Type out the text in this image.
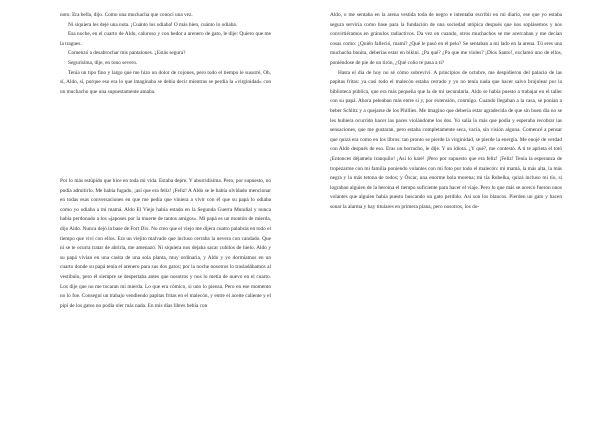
noto. Era bella, dijo. Como una muchacha que conocí una vez.

Ni siquiera les dejé una nota. ¡Cuánto los odiaba! O más bien, cuánto lo odiaba.

Esa noche, en el cuarto de Aldo, caluroso y con hedor a arenero de gato, le dije: Quiero que me la tragues.

Comenzó a desabrochar mis pantalones. ¿Estás segura?

Segurísima, dije, en tono severo.

Tenía un tipo fino y largo que me hizo un dolor de cojones, pero todo el tiempo le susurré, Oh, sí, Aldo, sí, porque eso era lo que imaginaba se debía decir mientras se perdía la «virginidad» con un muchacho que una supuestamente amaba.

Por lo más estúpido que hice en toda mi vida. Estaba depre. Y aburridísima. Pero, por supuesto, no podía admitirlo. Me había fugado, ¡así que era feliz! ¡Feliz! A Aldo se le había olvidado mencionar en todas esas conversaciones en que me pedía que viniera a vivir con él que su papá lo odiaba como yo odiaba a mi mamá. Aldo El Viejo había estado en la Segunda Guerra Mundial y nunca había perdonado a los «japoses por la muerte de tantos amigos». Mi papá es un montón de mierda, dijo Aldo. Nunca dejó la base de Fort Dix. No creo que el viejo me dijera cuatro palabras en todo el tiempo que viví con ellos. Era un viejito malvado que incluso cerraba la nevera con candado. Que ni se te ocurra tratar de abrirla, me amenazó. Ni siquiera nos dejaba sacar cubitos de hielo. Aldo y su papá vivían en una casita de una sola planta, muy ordinaria, y Aldo y yo dormíamos en un cuarto donde su papá tenía el arenero para sus dos gatos; por la noche nosotros lo trasladábamos al vestíbulo, pero él siempre se despertaba antes que nosotros y nos lo metía de nuevo en el cuarto. Los dije que no me tocaran mi mierda. Lo que era cómico, si uno lo piensa. Pero en ese momento no lo fue. Conseguí un trabajo vendiendo papitas fritas en el malecón, y entre el aceite caliente y el pipí de los gatos no podía oler más nada. En mis días libres bebía con

Aldo, o me sentaba en la arena vestida toda de negro e intentaba escribir en mi diario, ese que yo estaba segura serviría como base para la fundación de una sociedad utópica después que nos soplásemos y nos convirtiéramos en gránulos radiactivos. Da vez en cuando, otros muchachos se me acercaban y me decían cosas como: ¿Quién falleció, mami? ¿Qué le pasó en el pelo? Se sentaban a mi lado en la arena. Tú eres una muchacha bonita, deberías estar en bikini. ¿Pa qué? ¿Pa que me violes? ¡Dios Santo!, exclamó uno de ellos, poniéndose de pie de un tirón, ¿Qué coño te pasa a ti?

Hasta el día de hoy no sé cómo sobreviví. A principios de octubre, me despidieron del palacio de las papitas fritas: ya casi todo el malecón estaba cerrado y yo no tenía nada que hacer salvo brujulear por la biblioteca pública, que era más pequeña que la de mi secundaria. Aldo se había puesto a trabajar en el taller con su papá. Ahora peleaban más entre sí y, por extensión, conmigo. Cuando llegaban a la casa, se ponían a beber Schlitz y a quejarse de los Phillies. Me imagino que debería estar agradecida de que sin buen día no se les hubiera ocurrido hacer las paces violándome los dos. Yo salía lo más que podía y esperaba recobrar las sensaciones, que me gustaran, pero estaba completamente seca, vacía, sin visión alguna. Comencé a pensar que quizá era como en los libros: tan pronto se pierde la virginidad, se pierde la energía. Me enojé de verdad con Aldo después de eso. Eras un borracho, le dije. Y un idiota. ¿Y qué?, me contestó. A ti te aprieta el totó ¡Entonces déjamelo tranquilo! ¡Así lo haré! ¡Pero por supuesto que era feliz! ¡Feliz! Tenía la esperanza de tropezarme con mi familia poniendo volantes con mi foto por todo el malecón: mi mamá, la más alta, la más negra y la más tetona de todos; y Óscar, una enorme bola morena; mi tía Rubelka, quizá incluso mi tío, si lograban alguien de la heroína el tiempo suficiente para hacer el viaje. Pero lo que más se acercó fueron unos volantes que alguien había puesto buscando un gato perdido. Así son los blancos. Pierden un gato y hacen sonar la alarma y hay titulares en primera plana, pero nosotros, los do-
